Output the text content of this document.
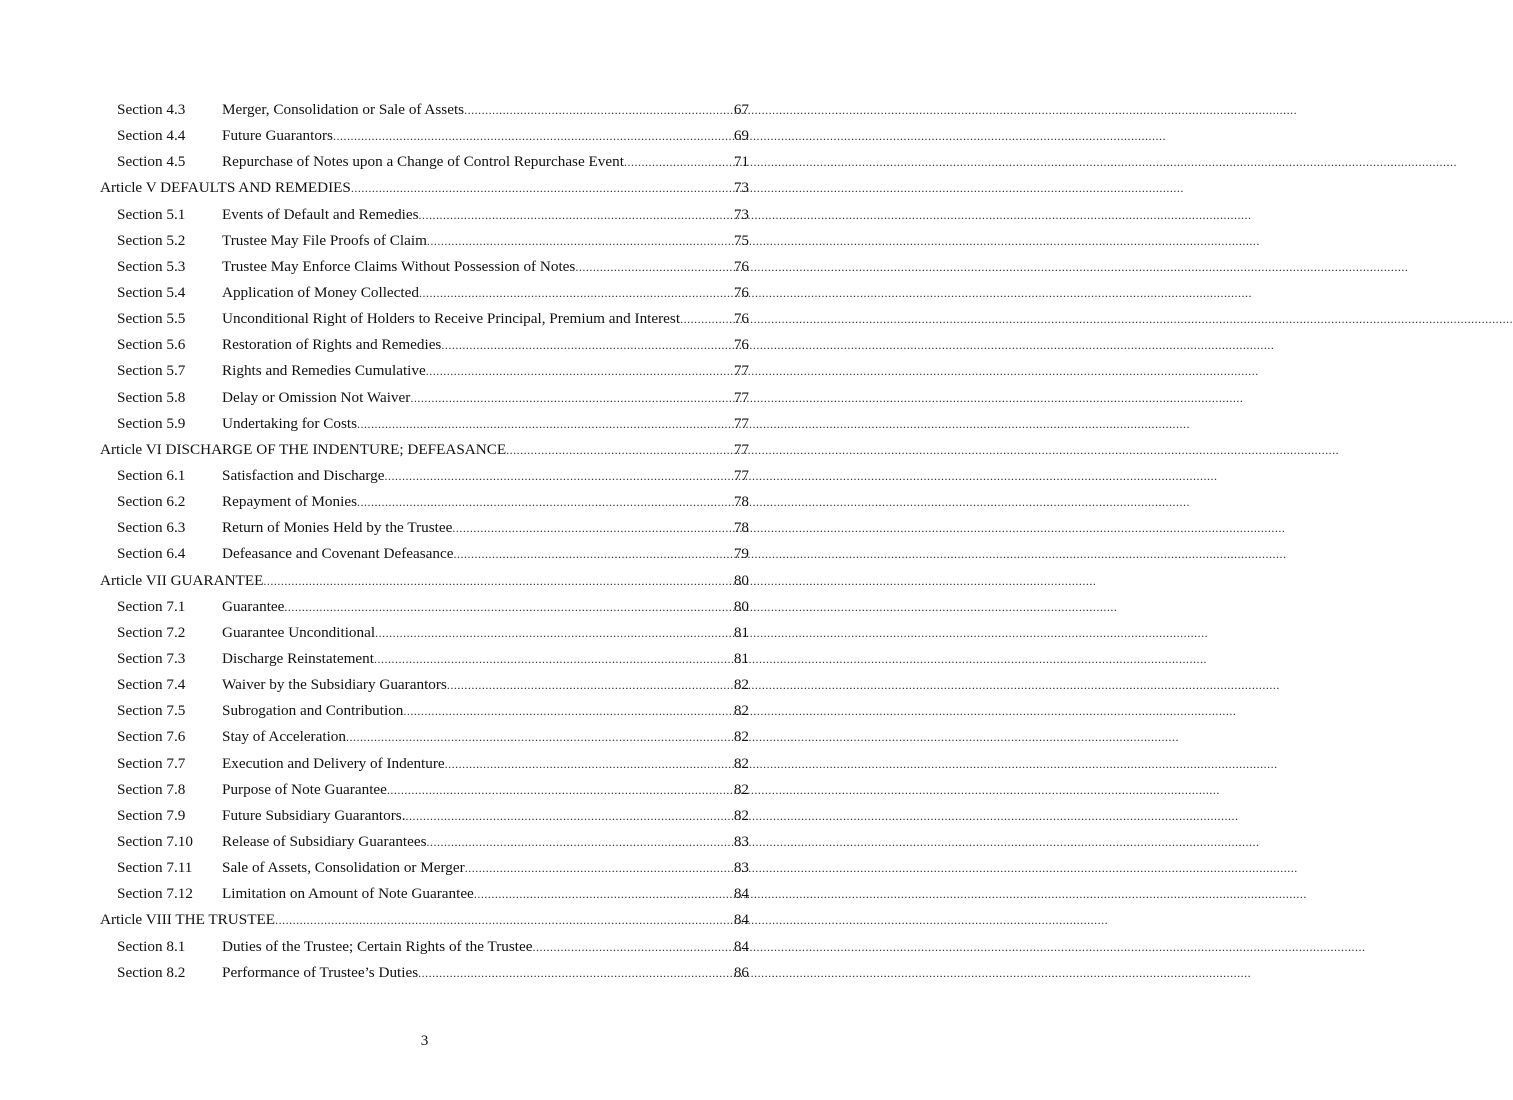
Section 4.3	Merger, Consolidation or Sale of Assets .....	67
Section 4.4	Future Guarantors .....	69
Section 4.5	Repurchase of Notes upon a Change of Control Repurchase Event .....	71
Article V DEFAULTS AND REMEDIES .....	73
Section 5.1	Events of Default and Remedies .....	73
Section 5.2	Trustee May File Proofs of Claim .....	75
Section 5.3	Trustee May Enforce Claims Without Possession of Notes .....	76
Section 5.4	Application of Money Collected .....	76
Section 5.5	Unconditional Right of Holders to Receive Principal, Premium and Interest .....	76
Section 5.6	Restoration of Rights and Remedies .....	76
Section 5.7	Rights and Remedies Cumulative .....	77
Section 5.8	Delay or Omission Not Waiver .....	77
Section 5.9	Undertaking for Costs .....	77
Article VI DISCHARGE OF THE INDENTURE; DEFEASANCE .....	77
Section 6.1	Satisfaction and Discharge .....	77
Section 6.2	Repayment of Monies .....	78
Section 6.3	Return of Monies Held by the Trustee .....	78
Section 6.4	Defeasance and Covenant Defeasance .....	79
Article VII GUARANTEE .....	80
Section 7.1	Guarantee .....	80
Section 7.2	Guarantee Unconditional .....	81
Section 7.3	Discharge Reinstatement .....	81
Section 7.4	Waiver by the Subsidiary Guarantors .....	82
Section 7.5	Subrogation and Contribution .....	82
Section 7.6	Stay of Acceleration .....	82
Section 7.7	Execution and Delivery of Indenture .....	82
Section 7.8	Purpose of Note Guarantee .....	82
Section 7.9	Future Subsidiary Guarantors. .....	82
Section 7.10	Release of Subsidiary Guarantees .....	83
Section 7.11	Sale of Assets, Consolidation or Merger .....	83
Section 7.12	Limitation on Amount of Note Guarantee .....	84
Article VIII THE TRUSTEE .....	84
Section 8.1	Duties of the Trustee; Certain Rights of the Trustee .....	84
Section 8.2	Performance of Trustee’s Duties .....	86
3
